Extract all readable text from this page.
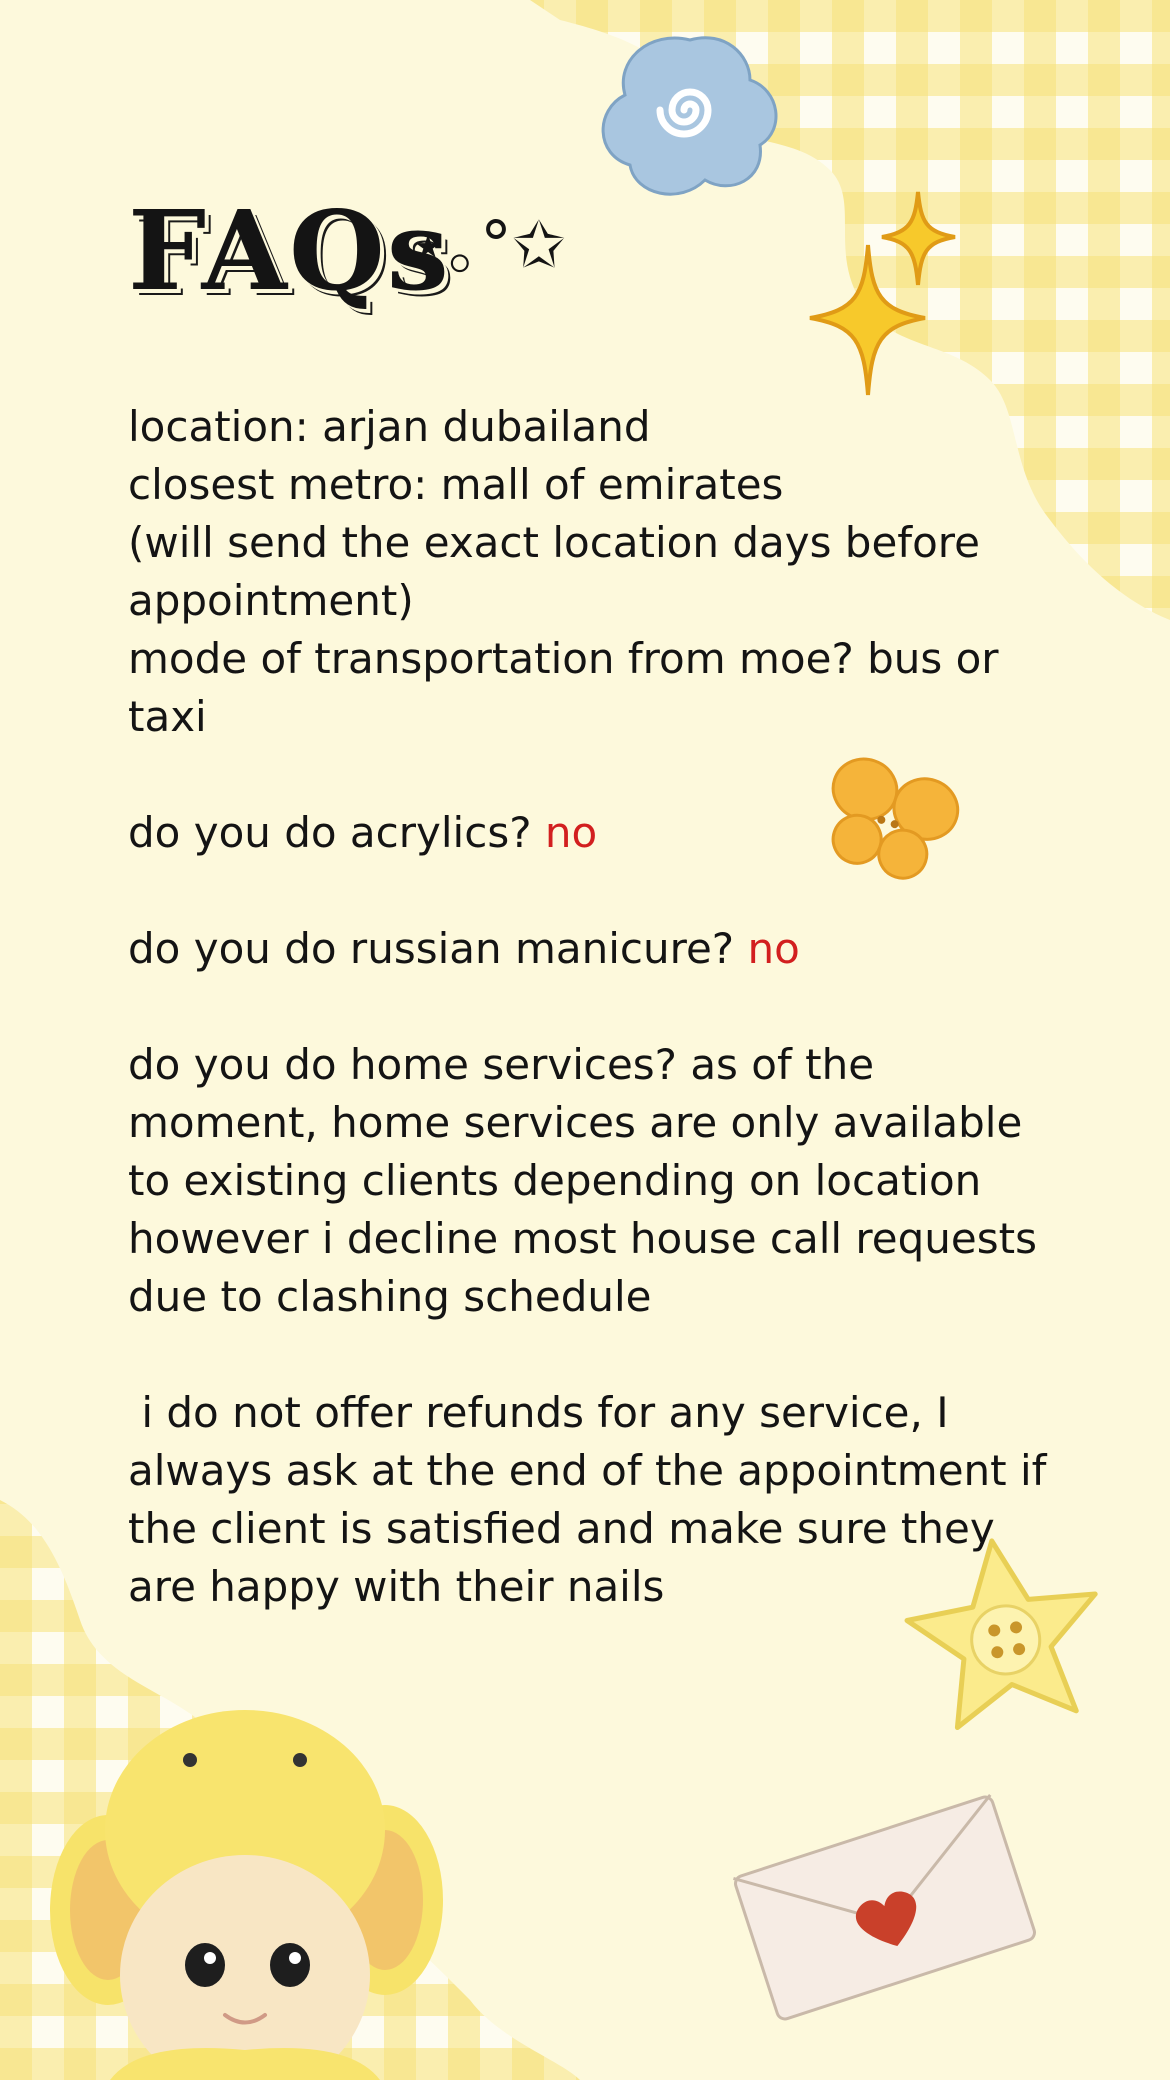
FAQs
⋆｡°✩

location: arjan dubailand

closest metro: mall of emirates

(will send the exact location days before appointment)

mode of transportation from moe? bus or taxi

do you do acrylics? no

do you do russian manicure? no

do you do home services? as of the moment, home services are only available to existing clients depending on location however i decline most house call requests due to clashing schedule

i do not offer refunds for any service, I always ask at the end of the appointment if the client is satisfied and make sure they are happy with their nails
